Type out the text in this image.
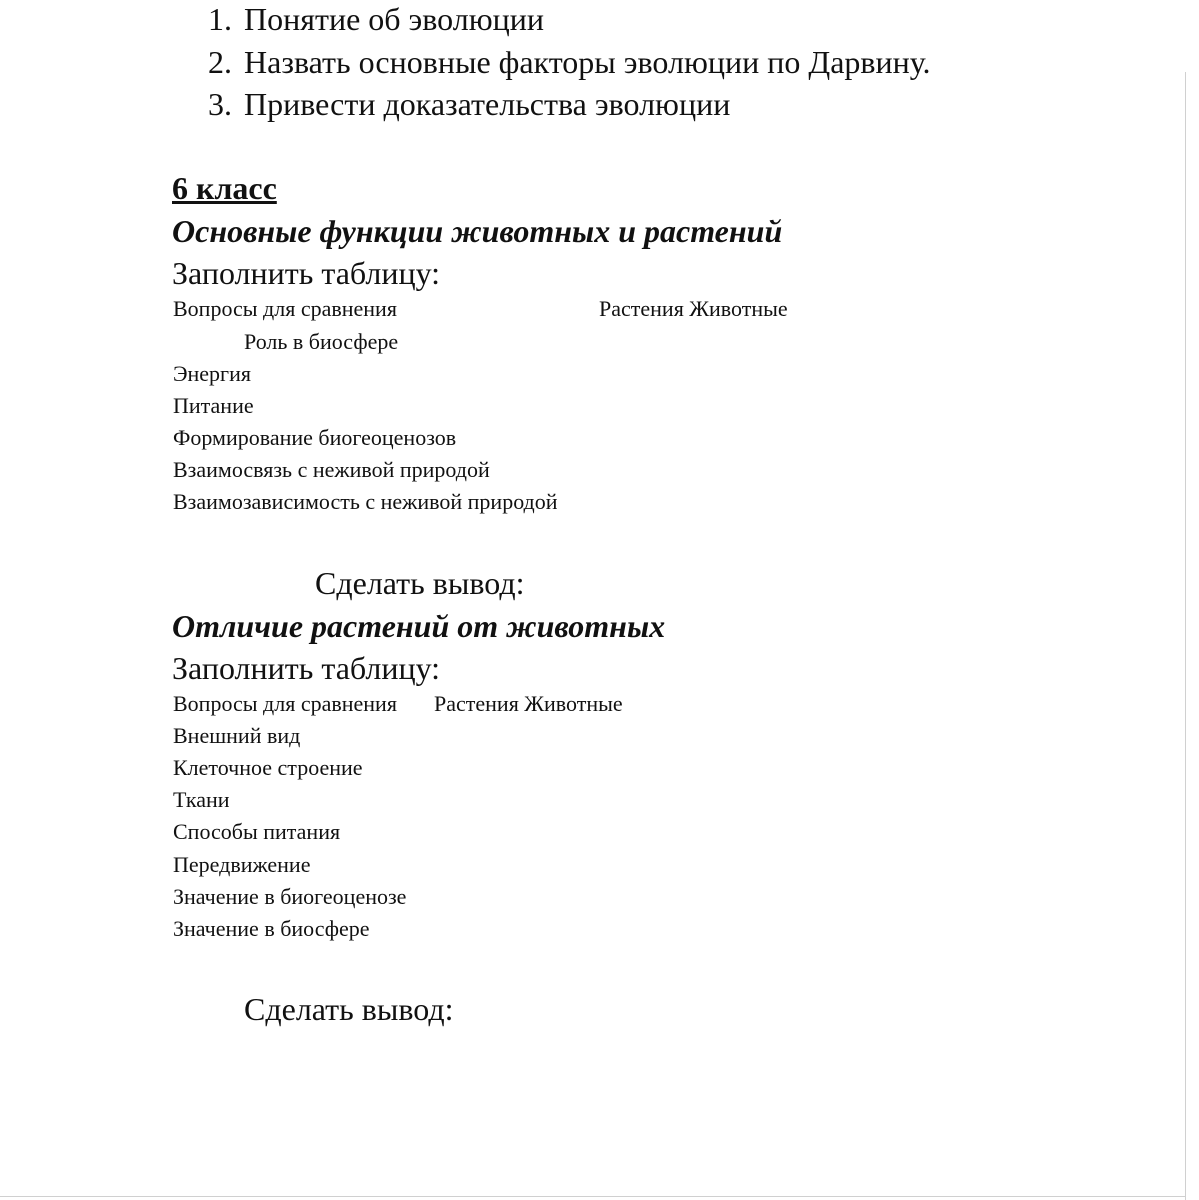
1. Понятие об эволюции
2. Назвать основные факторы эволюции по Дарвину.
3. Привести доказательства эволюции
6 класс
Основные функции животных и растений
Заполнить таблицу:
Вопросы для сравнения	Растения Животные
Роль в биосфере
Энергия
Питание
Формирование биогеоценозов
Взаимосвязь с неживой природой
Взаимозависимость с неживой природой
Сделать вывод:
Отличие растений от животных
Заполнить таблицу:
Вопросы для сравнения Растения Животные
Внешний вид
Клеточное строение
Ткани
Способы питания
Передвижение
Значение в биогеоценозе
Значение в биосфере
Сделать вывод:
